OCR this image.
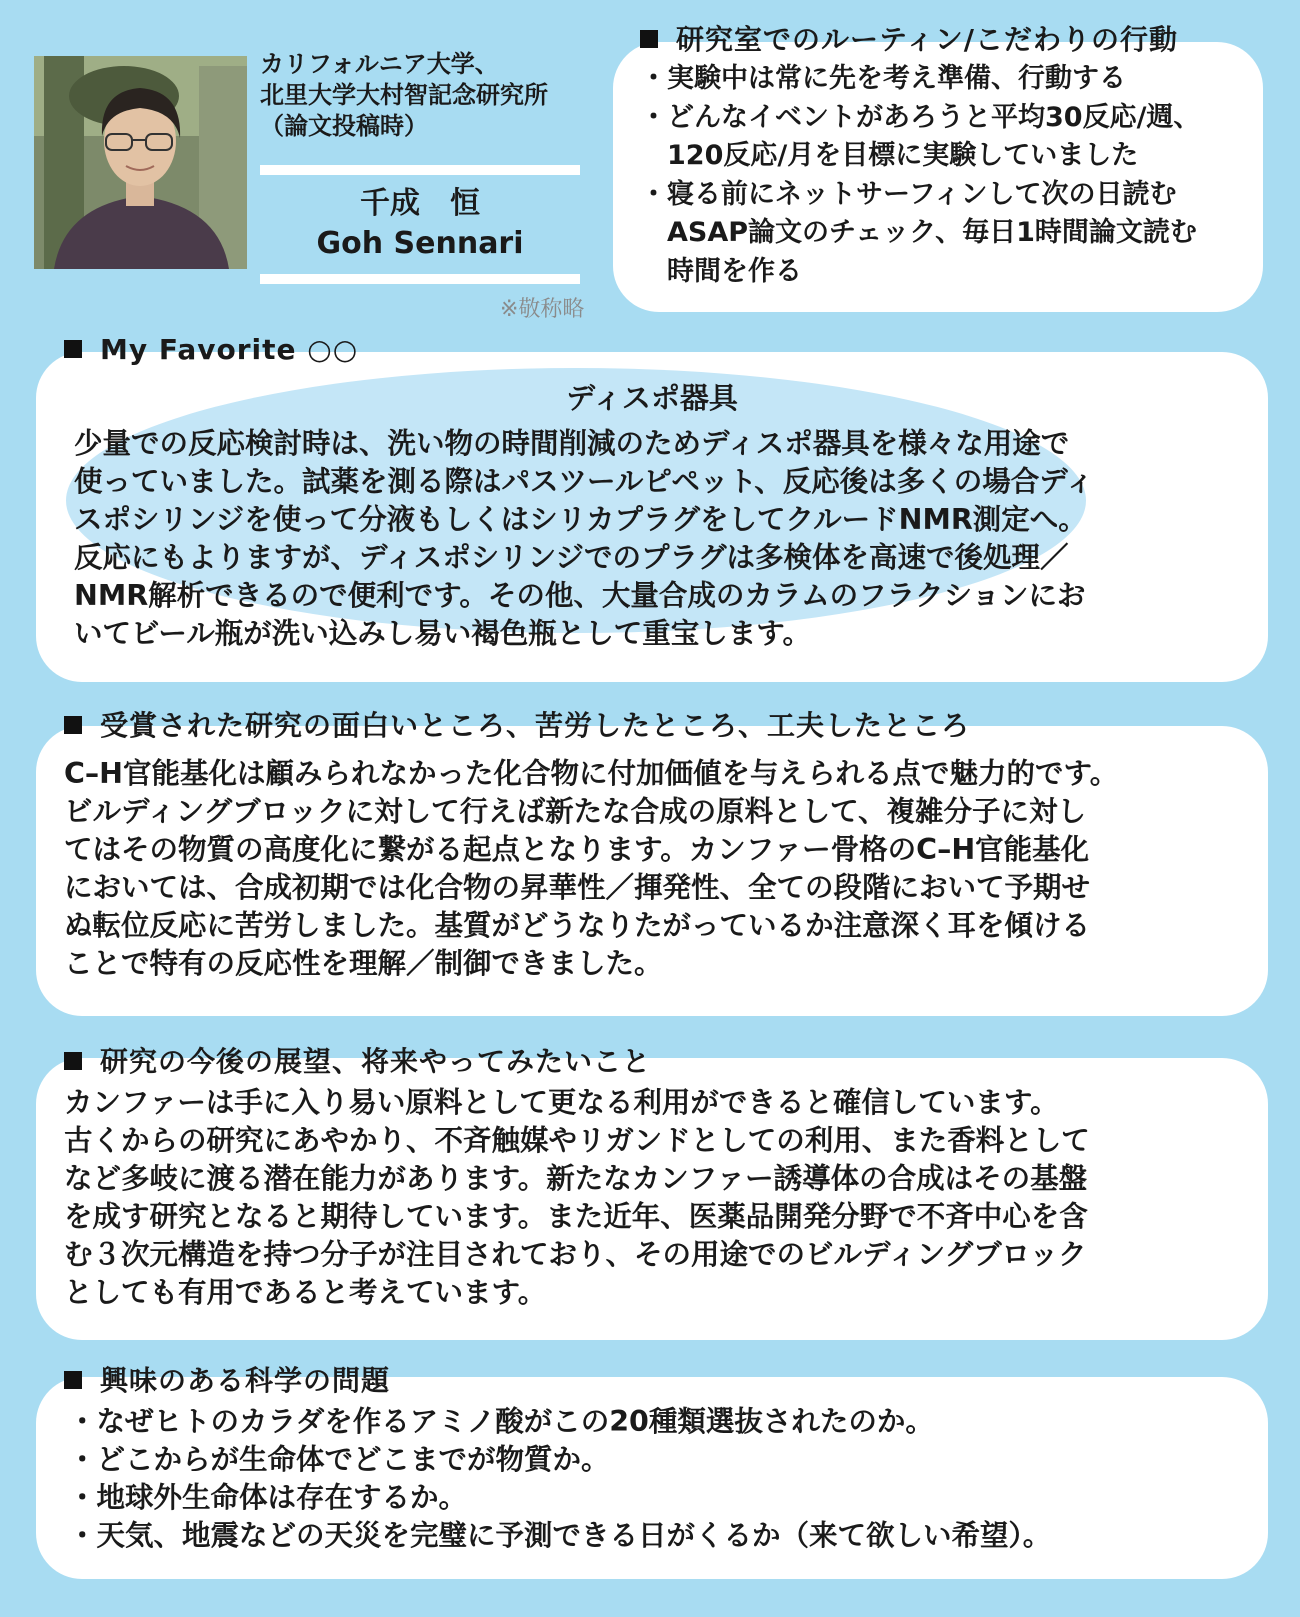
カリフォルニア大学、
北里大学大村智記念研究所
（論文投稿時）
千成　恒
Goh Sennari
※敬称略
研究室でのルーティン/こだわりの行動
・実験中は常に先を考え準備、行動する
・どんなイベントがあろうと平均30反応/週、
　120反応/月を目標に実験していました
・寝る前にネットサーフィンして次の日読む
　ASAP論文のチェック、毎日1時間論文読む
　時間を作る
My Favorite ○○
ディスポ器具
少量での反応検討時は、洗い物の時間削減のためディスポ器具を様々な用途で
使っていました。試薬を測る際はパスツールピペット、反応後は多くの場合ディ
スポシリンジを使って分液もしくはシリカプラグをしてクルードNMR測定へ。
反応にもよりますが、ディスポシリンジでのプラグは多検体を高速で後処理／
NMR解析できるので便利です。その他、大量合成のカラムのフラクションにお
いてビール瓶が洗い込みし易い褐色瓶として重宝します。
受賞された研究の面白いところ、苦労したところ、工夫したところ
C–H官能基化は顧みられなかった化合物に付加価値を与えられる点で魅力的です。
ビルディングブロックに対して行えば新たな合成の原料として、複雑分子に対し
てはその物質の高度化に繋がる起点となります。カンファー骨格のC–H官能基化
においては、合成初期では化合物の昇華性／揮発性、全ての段階において予期せ
ぬ転位反応に苦労しました。基質がどうなりたがっているか注意深く耳を傾ける
ことで特有の反応性を理解／制御できました。
研究の今後の展望、将来やってみたいこと
カンファーは手に入り易い原料として更なる利用ができると確信しています。
古くからの研究にあやかり、不斉触媒やリガンドとしての利用、また香料として
など多岐に渡る潜在能力があります。新たなカンファー誘導体の合成はその基盤
を成す研究となると期待しています。また近年、医薬品開発分野で不斉中心を含
む３次元構造を持つ分子が注目されており、その用途でのビルディングブロック
としても有用であると考えています。
興味のある科学の問題
・なぜヒトのカラダを作るアミノ酸がこの20種類選抜されたのか。
・どこからが生命体でどこまでが物質か。
・地球外生命体は存在するか。
・天気、地震などの天災を完璧に予測できる日がくるか（来て欲しい希望）。
